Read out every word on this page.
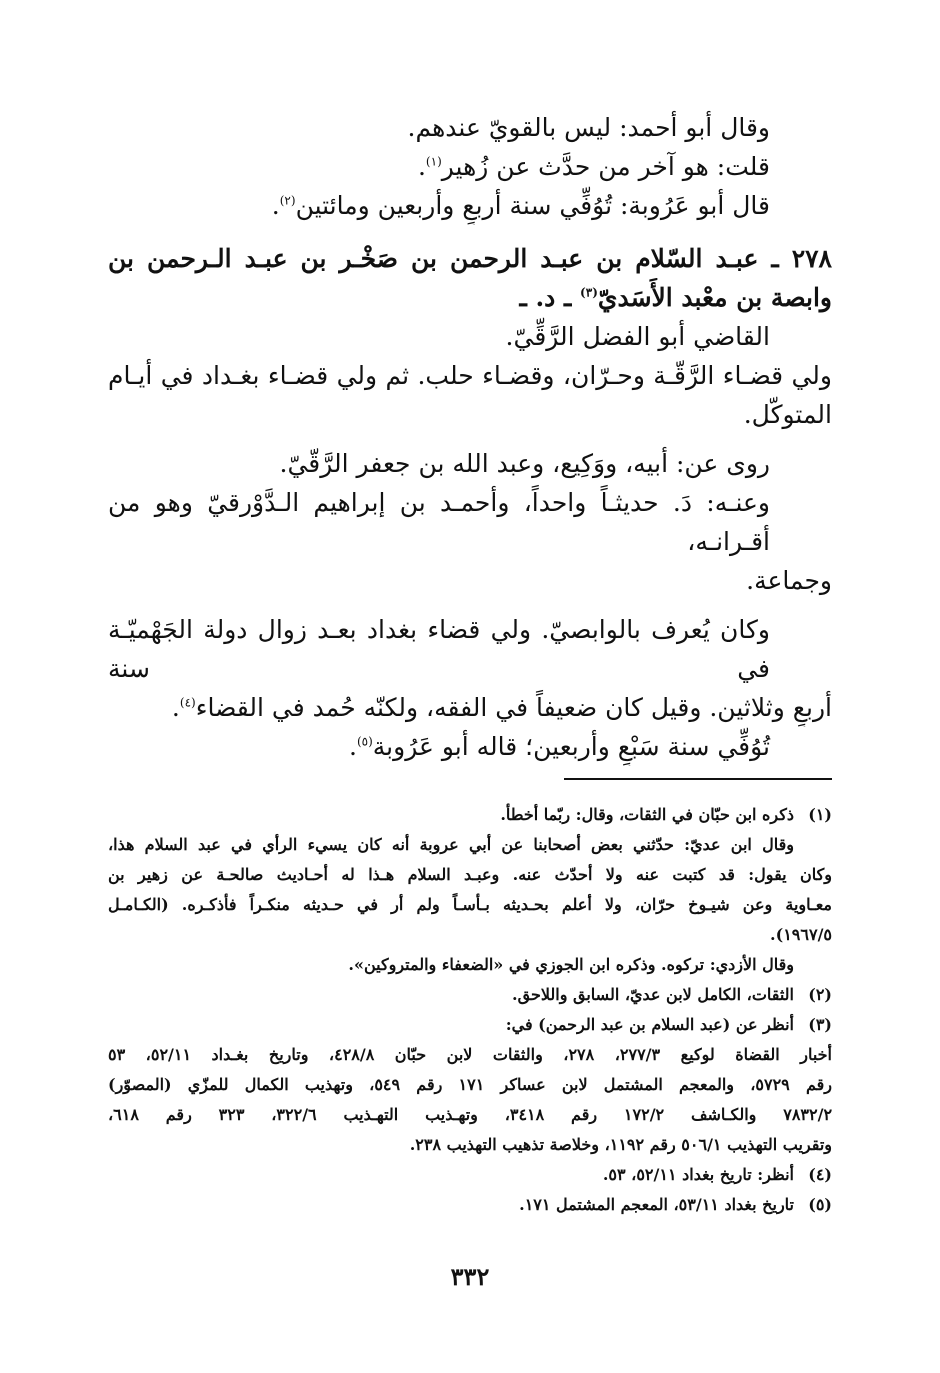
وقال أبو أحمد: ليس بالقويّ عندهم.
قلت: هو آخر من حدَّث عن زُهير$^{(١)}$.
قال أبو عَرُوبة: تُوُفِّي سنة أربعٍ وأربعين ومائتين$^{(٢)}$.
٢٧٨ ـ عبـد السّلام بن عبـد الرحمن بن صَخْـر بن عبـد الـرحمن بن
وابصة بن معْبد الأَسَديّ$^{(٣)}$ ـ د. ـ
القاضي أبو الفضل الرَّقِّيّ.
ولي قضـاء الرَّقّـة وحـرّان، وقضـاء حلب. ثم ولي قضـاء بغـداد في أيـام
المتوكّل.
روى عن: أبيه، ووَكِيع، وعبد الله بن جعفر الرَّقّيّ.
وعنـه: دَ. حديثـاً واحداً، وأحمـد بن إبراهيم الـدَّوْرقيّ وهو من أقـرانـه،
وجماعة.
وكان يُعرف بالوابصيّ. ولي قضاء بغداد بعـد زوال دولة الجَهْميّـة في سنة
أربعٍ وثلاثين. وقيل كان ضعيفاً في الفقه، ولكنّه حُمد في القضاء$^{(٤)}$.
تُوُفِّي سنة سَبْعٍ وأربعين؛ قاله أبو عَرُوبة$^{(٥)}$.
(١)
ذكره ابن حبّان في الثقات، وقال: ربّما أخطأ.
وقال ابن عديّ: حدّثني بعض أصحابنا عن أبي عروبة أنه كان يسيء الرأي في عبد السلام هذا،
وكان يقول: قد كتبت عنه ولا أحدّث عنه. وعبـد السلام هـذا له أحـاديث صالحـة عن زهير بن
معـاوية وعن شيـوخ حرّان، ولا أعلم بحـديثه بـأسـاً ولم أر في حـديثه منكـراً فأذكـره. (الكـامـل
١٩٦٧/٥).
وقال الأزدي: تركوه. وذكره ابن الجوزي في «الضعفاء والمتروكين».
(٢)
الثقات، الكامل لابن عديّ، السابق واللاحق.
(٣)
أنظر عن (عبد السلام بن عبد الرحمن) في:
أخبار القضاة لوكيع ٢٧٧/٣، ٢٧٨، والثقات لابن حبّان ٤٢٨/٨، وتاريخ بغـداد ٥٢/١١، ٥٣
رقم ٥٧٢٩، والمعجم المشتمل لابن عساكر ١٧١ رقم ٥٤٩، وتهذيب الكمال للمزّي (المصوّر)
٧٨٣٢/٢ والكـاشف ١٧٢/٢ رقم ٣٤١٨، وتهـذيب التهـذيب ٣٢٢/٦، ٣٢٣ رقم ٦١٨،
وتقريب التهذيب ٥٠٦/١ رقم ١١٩٢، وخلاصة تذهيب التهذيب ٢٣٨.
(٤)
أنظر: تاريخ بغداد ٥٢/١١، ٥٣.
(٥)
تاريخ بغداد ٥٣/١١، المعجم المشتمل ١٧١.
٣٣٢
